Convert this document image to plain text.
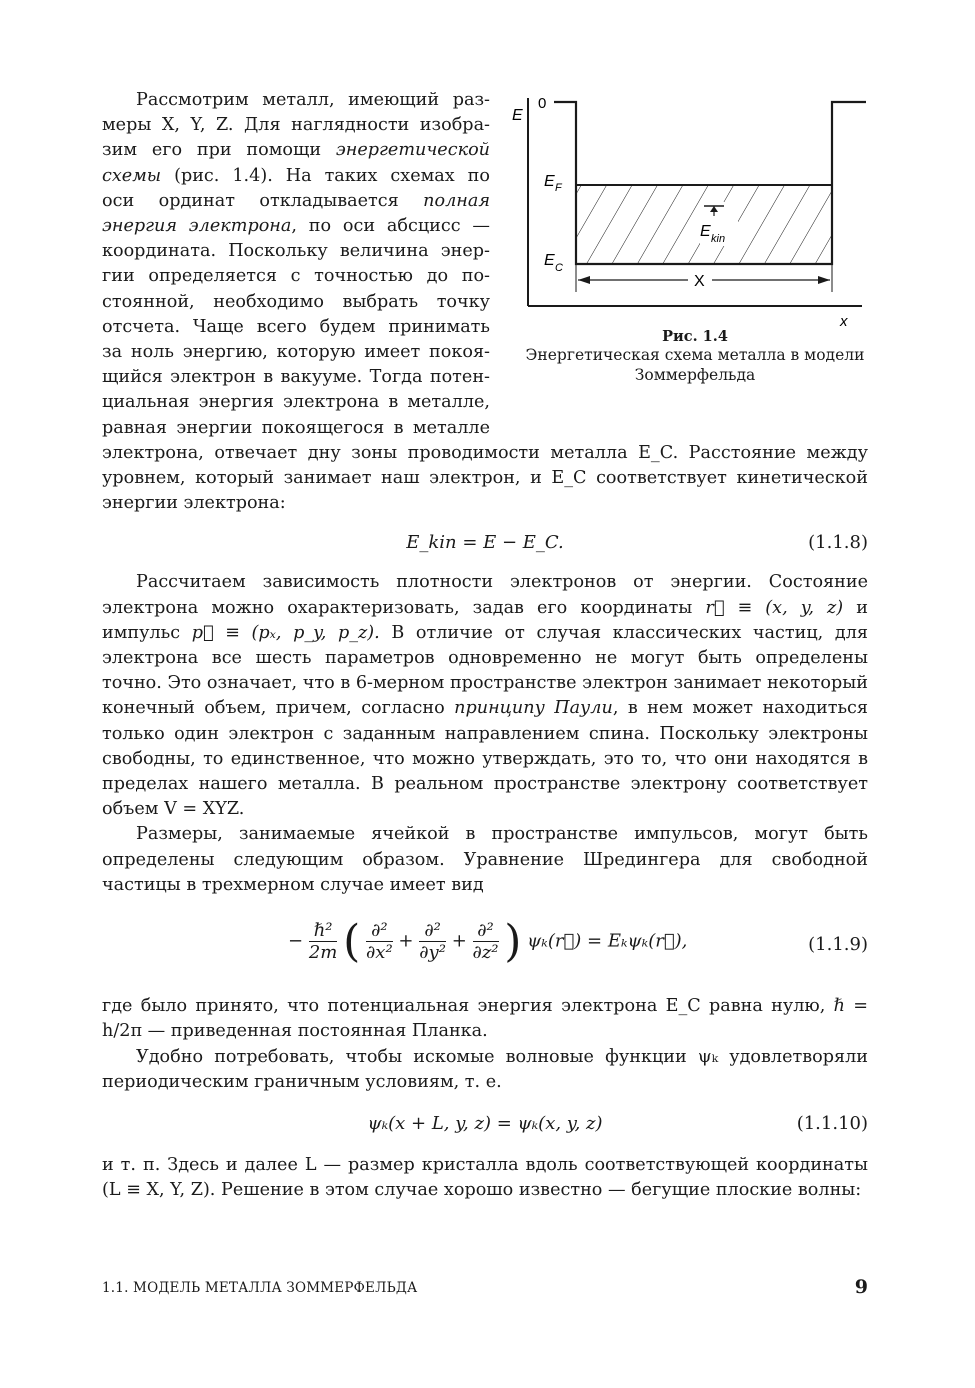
E
0
E F
E C
E kin
X
x
Рис. 1.4
Энергетическая схема металла в модели Зоммерфельда

Рассмотрим металл, имеющий раз-

меры X, Y, Z. Для наглядности изобра-

зим его при помощи энергетической

схемы (рис. 1.4). На таких схемах по

оси ординат откладывается полная

энергия электрона, по оси абсцисс —

координата. Поскольку величина энер-

гии определяется с точностью до по-

стоянной, необходимо выбрать точку

отсчета. Чаще всего будем принимать

за ноль энергию, которую имеет покоя-

щийся электрон в вакууме. Тогда потен-

циальная энергия электрона в металле,

равная энергии покоящегося в металле

электрона, отвечает дну зоны проводимости металла E_C. Расстояние между уровнем, который занимает наш электрон, и E_C соответствует кинетической энергии электрона:

E_kin = E − E_C.	(1.1.8)

Рассчитаем зависимость плотности электронов от энергии. Состояние электрона можно охарактеризовать, задав его координаты r⃗ ≡ (x, y, z) и импульс p⃗ ≡ (pₓ, p_y, p_z). В отличие от случая классических частиц, для электрона все шесть параметров одновременно не могут быть определены точно. Это означает, что в 6-мерном пространстве электрон занимает некоторый конечный объем, причем, согласно принципу Паули, в нем может находиться только один электрон с заданным направлением спина. Поскольку электроны свободны, то единственное, что можно утверждать, это то, что они находятся в пределах нашего металла. В реальном пространстве электрону соответствует объем V = XYZ.

Размеры, занимаемые ячейкой в пространстве импульсов, могут быть определены следующим образом. Уравнение Шредингера для свободной частицы в трехмерном случае имеет вид

− $\frac{\text{ℏ²}}{2m}$ ( $\frac{\text{∂²}}{\text{∂x²}} + \frac{\text{∂²}}{\text{∂y²}} + \frac{\text{∂²}}{\text{∂z²}}$ ) ψₖ(r⃗) = Eₖψₖ(r⃗),	(1.1.9)

где было принято, что потенциальная энергия электрона E_C равна нулю, ℏ = h/2π — приведенная постоянная Планка.

Удобно потребовать, чтобы искомые волновые функции ψₖ удовлетворяли периодическим граничным условиям, т. е.

ψₖ(x + L, y, z) = ψₖ(x, y, z)	(1.1.10)

и т. п. Здесь и далее L — размер кристалла вдоль соответствующей координаты (L ≡ X, Y, Z). Решение в этом случае хорошо известно — бегущие плоские волны:

1.1. МОДЕЛЬ МЕТАЛЛА ЗОММЕРФЕЛЬДА	9
